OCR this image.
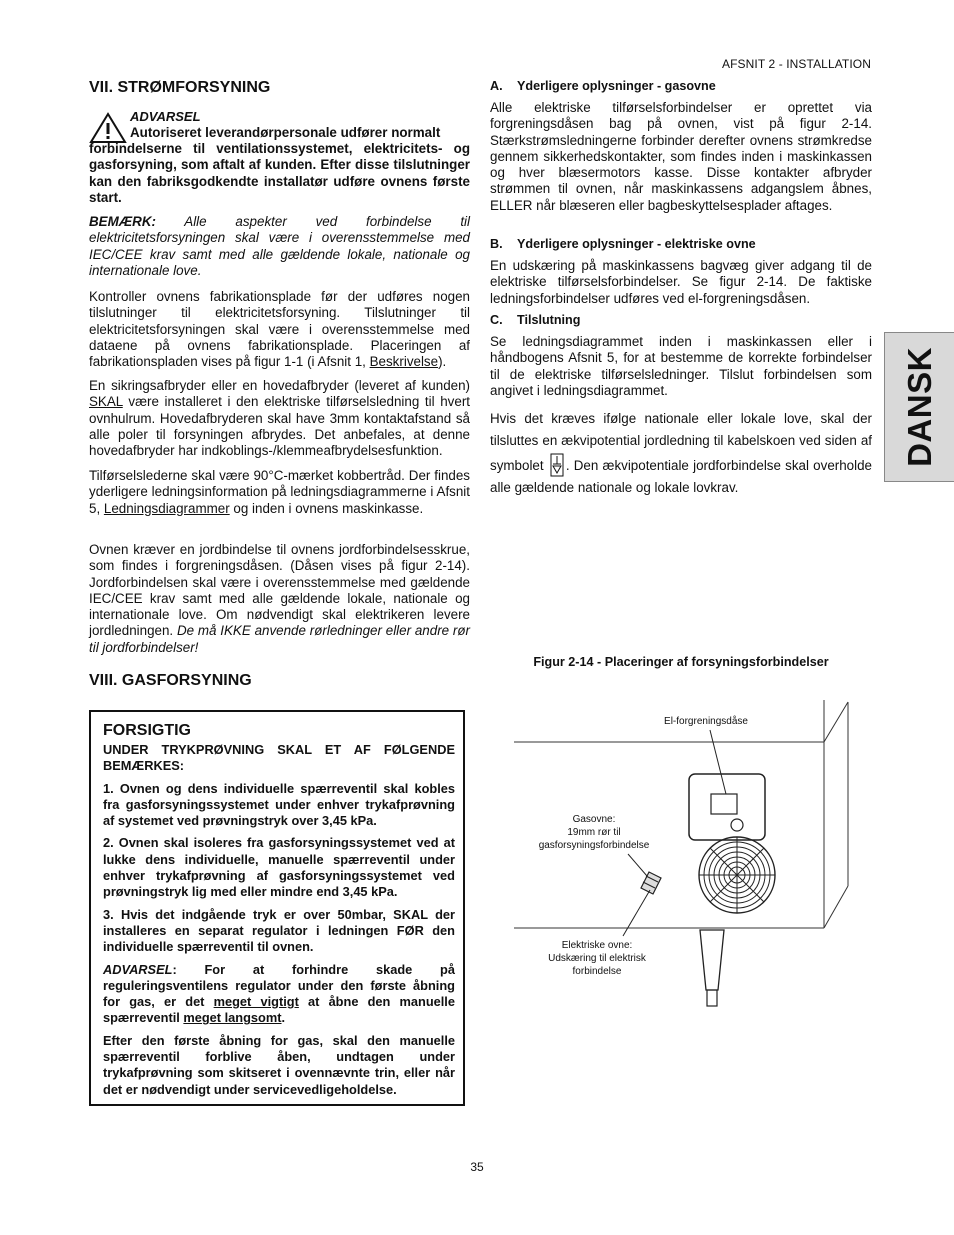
AFSNIT 2 - INSTALLATION
DANSK
VII. STRØMFORSYNING
ADVARSEL
Autoriseret leverandørpersonale udfører normalt
forbindelserne til ventilationssystemet, elektricitets- og gasforsyning, som aftalt af kunden. Efter disse tilslutninger kan den fabriksgodkendte installatør udføre ovnens første start.

BEMÆRK: Alle aspekter ved forbindelse til elektricitetsforsyningen skal være i overensstemmelse med IEC/CEE krav samt med alle gældende lokale, nationale og internationale love.

Kontroller ovnens fabrikationsplade før der udføres nogen tilslutninger til elektricitetsforsyning. Tilslutninger til elektricitetsforsyningen skal være i overensstemmelse med dataene på ovnens fabrikationsplade. Placeringen af fabrikationspladen vises på figur 1-1 (i Afsnit 1, Beskrivelse).

En sikringsafbryder eller en hovedafbryder (leveret af kunden) SKAL være installeret i den elektriske tilførselsledning til hvert ovnhulrum. Hovedafbryderen skal have 3mm kontaktafstand så alle poler til forsyningen afbrydes. Det anbefales, at denne hovedafbryder har indkoblings-/klemmeafbrydelsesfunktion.

Tilførselslederne skal være 90°C-mærket kobbertråd. Der findes yderligere ledningsinformation på ledningsdiagrammerne i Afsnit 5, Ledningsdiagrammer og inden i ovnens maskinkasse.

Ovnen kræver en jordbindelse til ovnens jordforbindelsesskrue, som findes i forgreningsdåsen. (Dåsen vises på figur 2-14). Jordforbindelsen skal være i overensstemmelse med gældende IEC/CEE krav samt med alle gældende lokale, nationale og internationale love. Om nødvendigt skal elektrikeren levere jordledningen. De må IKKE anvende rørledninger eller andre rør til jordforbindelser!

VIII. GASFORSYNING
FORSIGTIG

UNDER TRYKPRØVNING SKAL ET AF FØLGENDE BEMÆRKES:

1. Ovnen og dens individuelle spærreventil skal kobles fra gasforsyningssystemet under enhver trykafprøvning af systemet ved prøvningstryk over 3,45 kPa.

2. Ovnen skal isoleres fra gasforsyningssystemet ved at lukke dens individuelle, manuelle spærreventil under enhver trykafprøvning af gasforsyningssystemet ved prøvningstryk lig med eller mindre end 3,45 kPa.

3. Hvis det indgående tryk er over 50mbar, SKAL der installeres en separat regulator i ledningen FØR den individuelle spærreventil til ovnen.

ADVARSEL: For at forhindre skade på reguleringsventilens regulator under den første åbning for gas, er det meget vigtigt at åbne den manuelle spærreventil meget langsomt.

Efter den første åbning for gas, skal den manuelle spærreventil forblive åben, undtagen under trykafprøvning som skitseret i ovennævnte trin, eller når det er nødvendigt under servicevedligeholdelse.

A. Yderligere oplysninger - gasovne

Alle elektriske tilførselsforbindelser er oprettet via forgreningsdåsen bag på ovnen, vist på figur 2-14. Stærkstrømsledningerne forbinder derefter ovnens strømkredse gennem sikkerhedskontakter, som findes inden i maskinkassen og hver blæsermotors kasse. Disse kontakter afbryder strømmen til ovnen, når maskinkassens adgangslem åbnes, ELLER når blæseren eller bagbeskyttelsesplader aftages.

B. Yderligere oplysninger - elektriske ovne

En udskæring på maskinkassens bagvæg giver adgang til de elektriske tilførselsforbindelser. Se figur 2-14. De faktiske ledningsforbindelser udføres ved el-forgreningsdåsen.

C. Tilslutning

Se ledningsdiagrammet inden i maskinkassen eller i håndbogens Afsnit 5, for at bestemme de korrekte forbindelser til de elektriske tilførselsledninger. Tilslut forbindelsen som angivet i ledningsdiagrammet.

Hvis det kræves ifølge nationale eller lokale love, skal der tilsluttes en ækvipotential jordledning til kabelskoen ved siden af symbolet . Den ækvipotentiale jordforbindelse skal overholde alle gældende nationale og lokale lovkrav.

Figur 2-14 - Placeringer af forsyningsforbindelser
El-forgreningsdåse
Gasovne:
19mm rør til
gasforsyningsforbindelse
Elektriske ovne:
Udskæring til elektrisk
forbindelse
35
